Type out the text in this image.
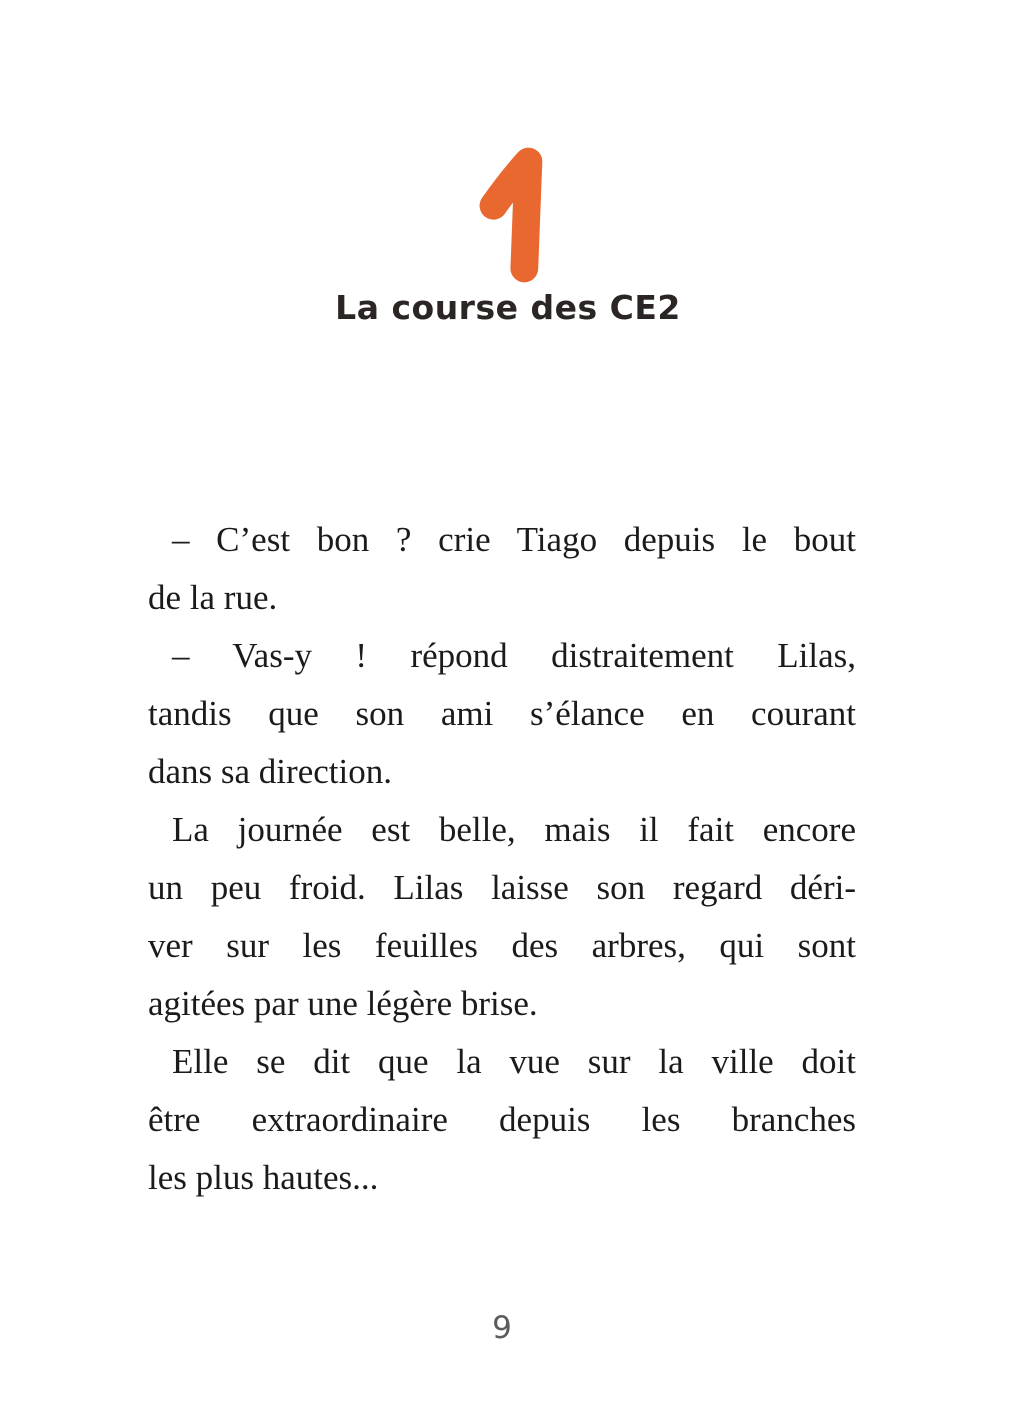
La course des CE2
– C’est bon ? crie Tiago depuis le bout
de la rue.
– Vas-y ! répond distraitement Lilas,
tandis que son ami s’élance en courant
dans sa direction.
La journée est belle, mais il fait encore
un peu froid. Lilas laisse son regard déri-
ver sur les feuilles des arbres, qui sont
agitées par une légère brise.
Elle se dit que la vue sur la ville doit
être extraordinaire depuis les branches
les plus hautes...
9
